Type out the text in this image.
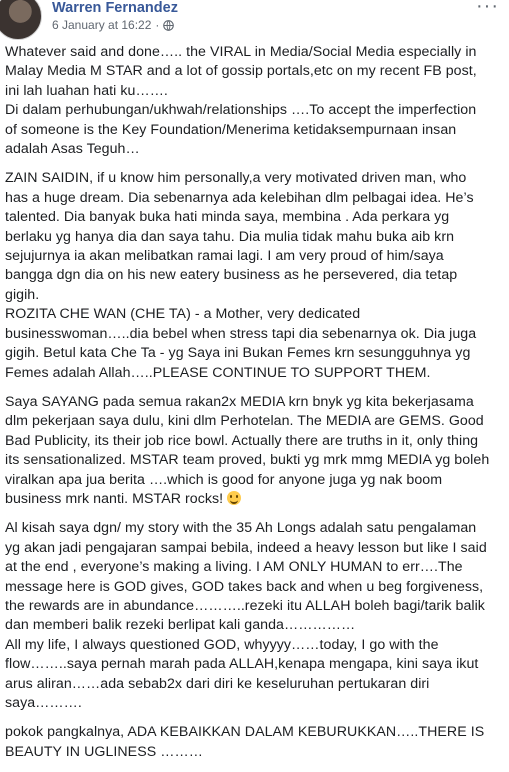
Warren Fernandez
6 January at 16:22 ·
···
Whatever said and done….. the VIRAL in Media/Social Media especially in
Malay Media M STAR and a lot of gossip portals,etc on my recent FB post,
ini lah luahan hati ku…….
Di dalam perhubungan/ukhwah/relationships ….To accept the imperfection
of someone is the Key Foundation/Menerima ketidaksempurnaan insan
adalah Asas Teguh…
ZAIN SAIDIN, if u know him personally,a very motivated driven man, who
has a huge dream. Dia sebenarnya ada kelebihan dlm pelbagai idea. He’s
talented. Dia banyak buka hati minda saya, membina . Ada perkara yg
berlaku yg hanya dia dan saya tahu. Dia mulia tidak mahu buka aib krn
sejujurnya ia akan melibatkan ramai lagi. I am very proud of him/saya
bangga dgn dia on his new eatery business as he persevered, dia tetap
gigih.
ROZITA CHE WAN (CHE TA) - a Mother, very dedicated
businesswoman…..dia bebel when stress tapi dia sebenarnya ok. Dia juga
gigih. Betul kata Che Ta - yg Saya ini Bukan Femes krn sesungguhnya yg
Femes adalah Allah…..PLEASE CONTINUE TO SUPPORT THEM.
Saya SAYANG pada semua rakan2x MEDIA krn bnyk yg kita bekerjasama
dlm pekerjaan saya dulu, kini dlm Perhotelan. The MEDIA are GEMS. Good
Bad Publicity, its their job rice bowl. Actually there are truths in it, only thing
its sensationalized. MSTAR team proved, bukti yg mrk mmg MEDIA yg boleh
viralkan apa jua berita ….which is good for anyone juga yg nak boom
business mrk nanti. MSTAR rocks!
Al kisah saya dgn/ my story with the 35 Ah Longs adalah satu pengalaman
yg akan jadi pengajaran sampai bebila, indeed a heavy lesson but like I said
at the end , everyone’s making a living. I AM ONLY HUMAN to err….The
message here is GOD gives, GOD takes back and when u beg forgiveness,
the rewards are in abundance………..rezeki itu ALLAH boleh bagi/tarik balik
dan memberi balik rezeki berlipat kali ganda……………
All my life, I always questioned GOD, whyyyy……today, I go with the
flow……..saya pernah marah pada ALLAH,kenapa mengapa, kini saya ikut
arus aliran……ada sebab2x dari diri ke keseluruhan pertukaran diri
saya……….
pokok pangkalnya, ADA KEBAIKKAN DALAM KEBURUKKAN…..THERE IS
BEAUTY IN UGLINESS ………
